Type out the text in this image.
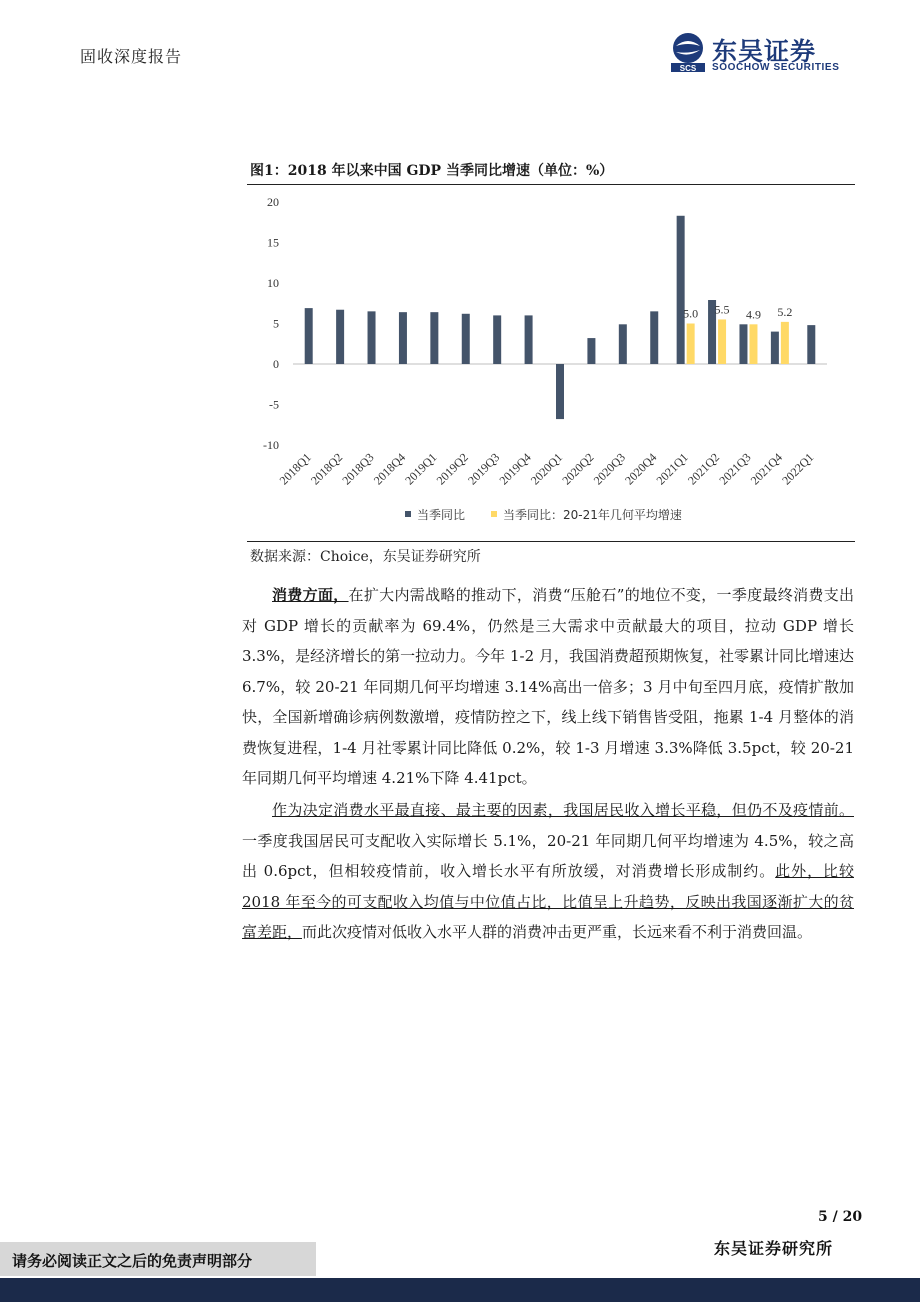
固收深度报告
SCS
东吴证券
SOOCHOW SECURITIES
图1：2018 年以来中国 GDP 当季同比增速（单位：%）
20
15
10
5
0
-5
-10
2018Q1
2018Q2
2018Q3
2018Q4
2019Q1
2019Q2
2019Q3
2019Q4
2020Q1
2020Q2
2020Q3
2020Q4
5.0
2021Q1
5.5
2021Q2
4.9
2021Q3
5.2
2021Q4
2022Q1
当季同比	当季同比：20-21年几何平均增速
数据来源：Choice，东吴证券研究所
消费方面，在扩大内需战略的推动下，消费“压舱石”的地位不变，一季度最终消费支出对 GDP 增长的贡献率为 69.4%，仍然是三大需求中贡献最大的项目，拉动 GDP 增长 3.3%，是经济增长的第一拉动力。今年 1-2 月，我国消费超预期恢复，社零累计同比增速达 6.7%，较 20-21 年同期几何平均增速 3.14%高出一倍多；3 月中旬至四月底，疫情扩散加快，全国新增确诊病例数激增，疫情防控之下，线上线下销售皆受阻，拖累 1-4 月整体的消费恢复进程，1-4 月社零累计同比降低 0.2%，较 1-3 月增速 3.3%降低 3.5pct，较 20-21 年同期几何平均增速 4.21%下降 4.41pct。
作为决定消费水平最直接、最主要的因素，我国居民收入增长平稳，但仍不及疫情前。一季度我国居民可支配收入实际增长 5.1%，20-21 年同期几何平均增速为 4.5%，较之高出 0.6pct，但相较疫情前，收入增长水平有所放缓，对消费增长形成制约。此外，比较 2018 年至今的可支配收入均值与中位值占比，比值呈上升趋势，反映出我国逐渐扩大的贫富差距，而此次疫情对低收入水平人群的消费冲击更严重，长远来看不利于消费回温。
5 / 20
请务必阅读正文之后的免责声明部分
东吴证券研究所
